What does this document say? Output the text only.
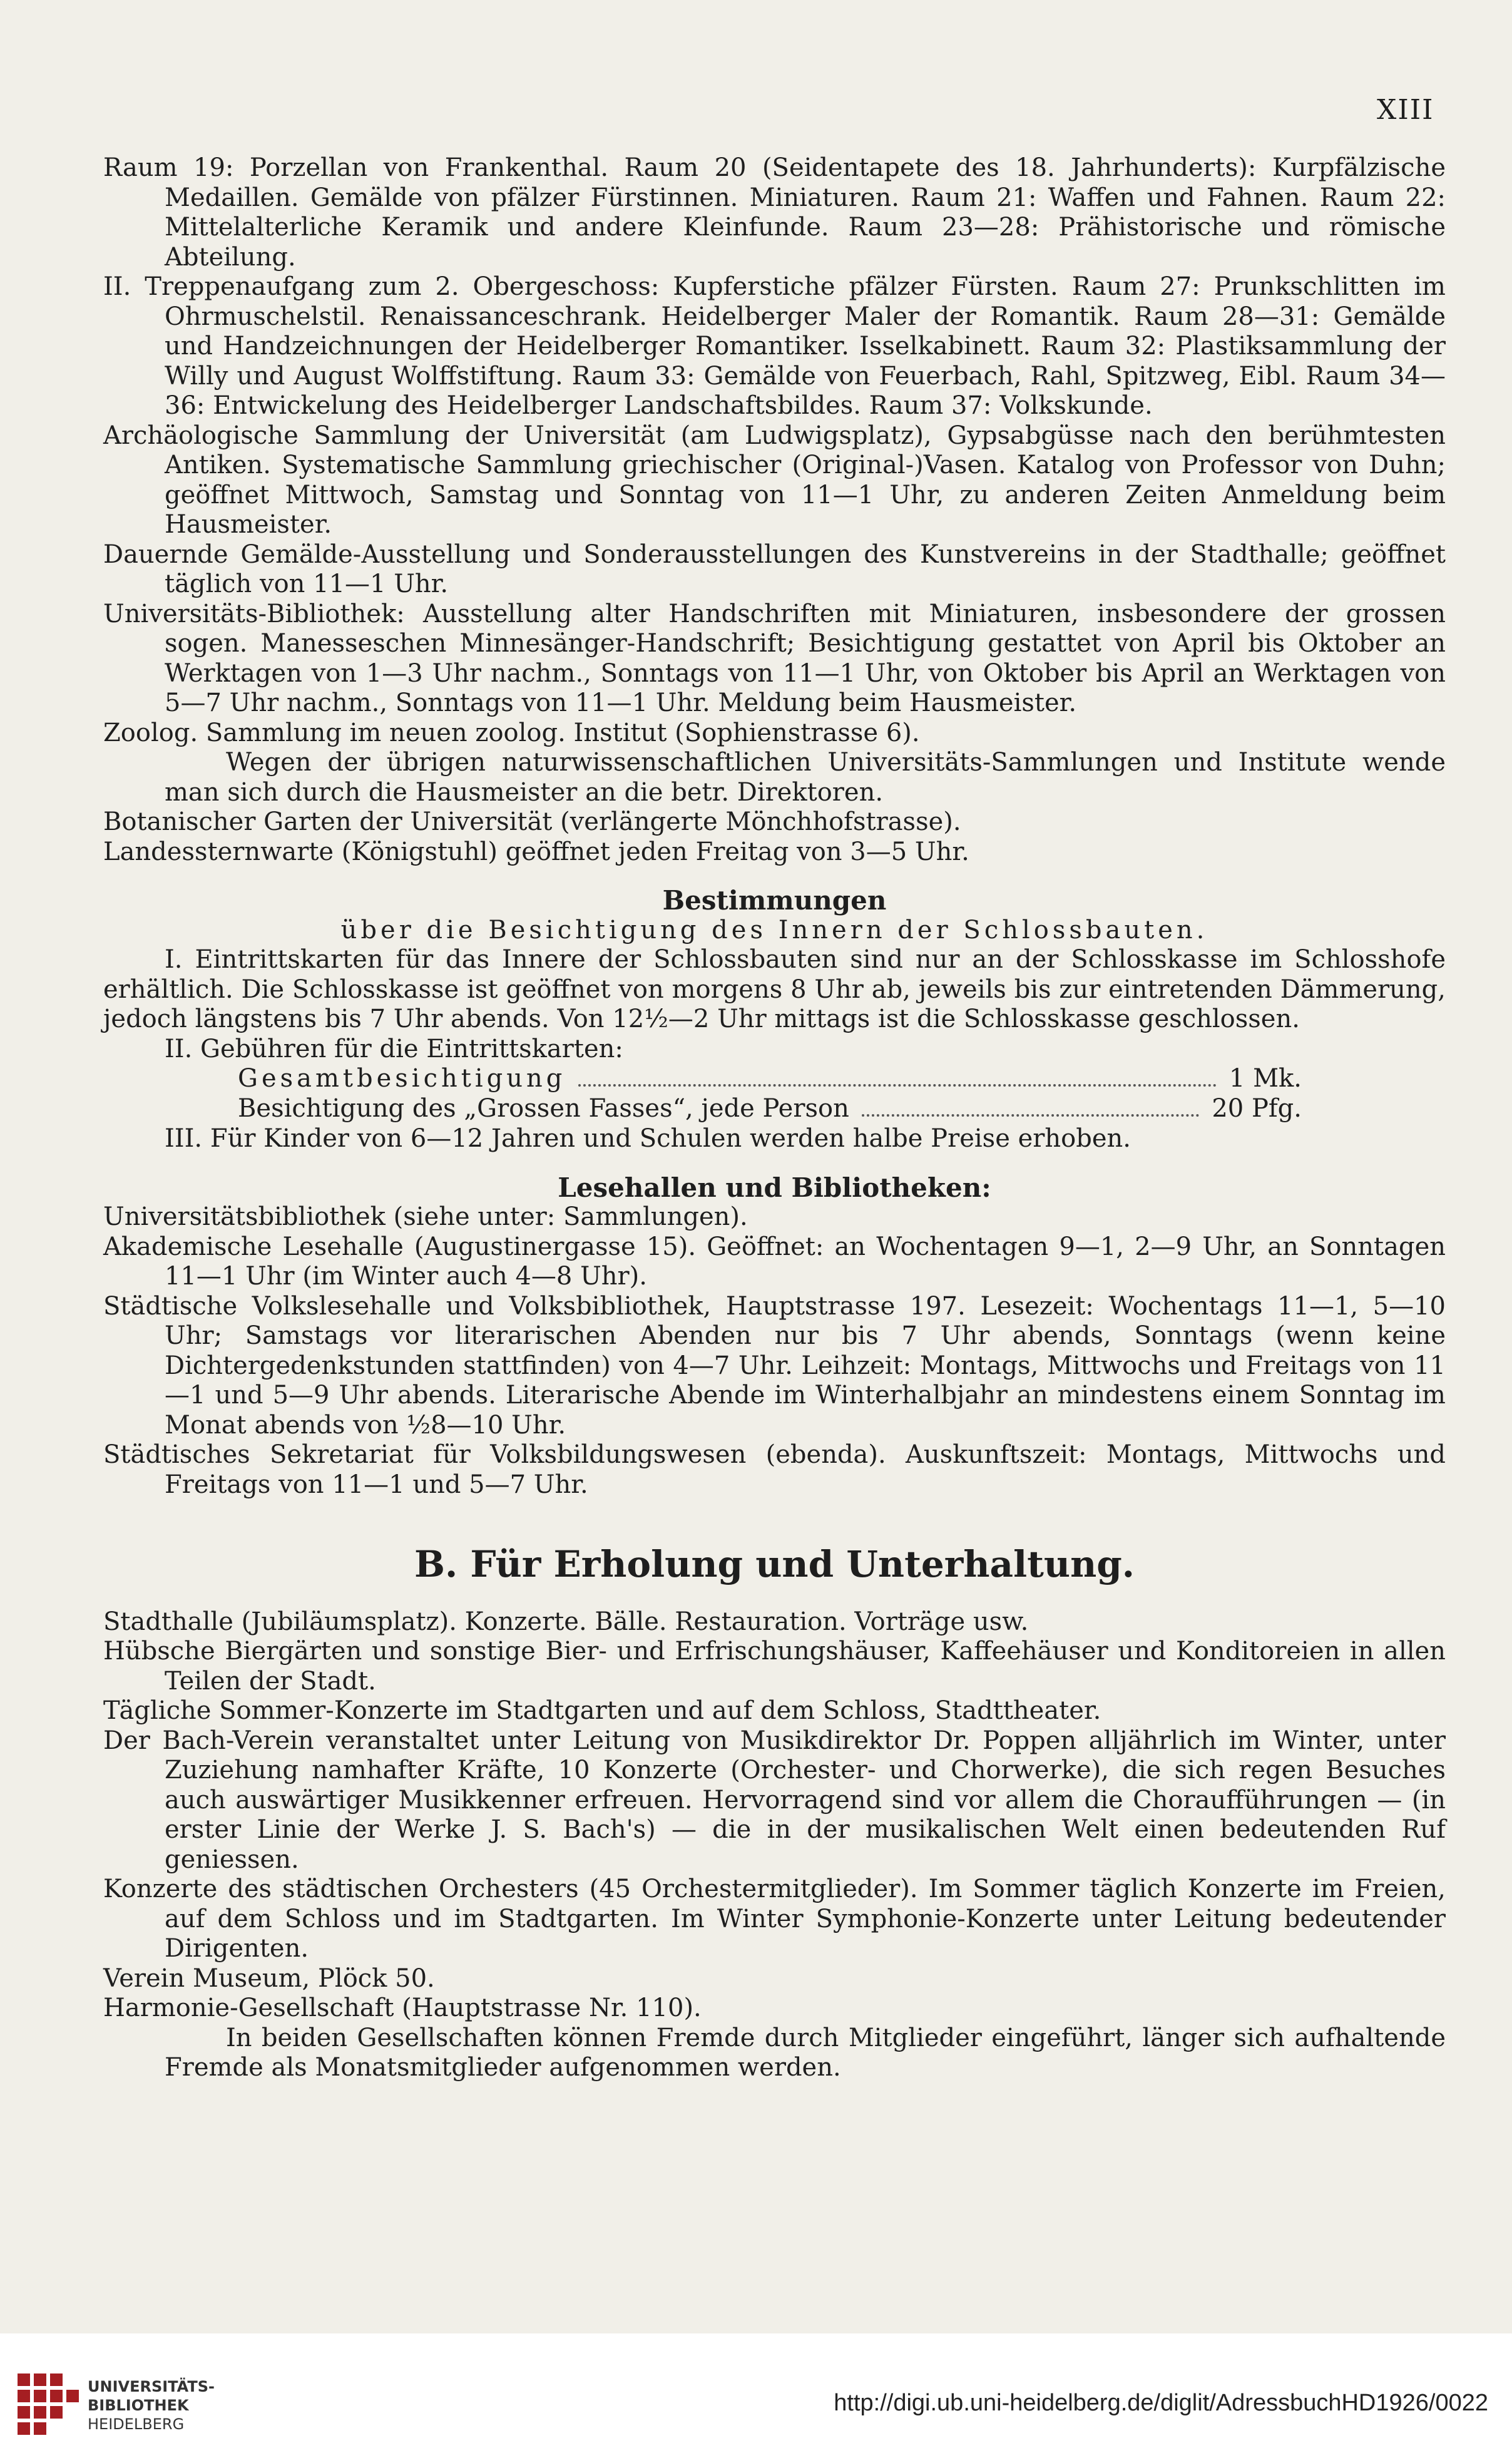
XIII

Raum 19: Porzellan von Frankenthal. Raum 20 (Seidentapete des 18. Jahrhunderts): Kurpfälzische Medaillen. Gemälde von pfälzer Fürstinnen. Miniaturen. Raum 21: Waffen und Fahnen. Raum 22: Mittelalterliche Keramik und andere Kleinfunde. Raum 23—28: Prähistorische und römische Abteilung.

II. Treppenaufgang zum 2. Obergeschoss: Kupferstiche pfälzer Fürsten. Raum 27: Prunkschlitten im Ohrmuschelstil. Renaissanceschrank. Heidelberger Maler der Romantik. Raum 28—31: Gemälde und Handzeichnungen der Heidelberger Romantiker. Isselkabinett. Raum 32: Plastiksammlung der Willy und August Wolffstiftung. Raum 33: Gemälde von Feuerbach, Rahl, Spitzweg, Eibl. Raum 34—36: Entwickelung des Heidelberger Landschaftsbildes. Raum 37: Volkskunde.

Archäologische Sammlung der Universität (am Ludwigsplatz), Gypsabgüsse nach den berühmtesten Antiken. Systematische Sammlung griechischer (Original-)Vasen. Katalog von Professor von Duhn; geöffnet Mittwoch, Samstag und Sonntag von 11—1 Uhr, zu anderen Zeiten Anmeldung beim Hausmeister.

Dauernde Gemälde-Ausstellung und Sonderausstellungen des Kunstvereins in der Stadthalle; geöffnet täglich von 11—1 Uhr.

Universitäts-Bibliothek: Ausstellung alter Handschriften mit Miniaturen, insbesondere der grossen sogen. Manesseschen Minnesänger-Handschrift; Besichtigung gestattet von April bis Oktober an Werktagen von 1—3 Uhr nachm., Sonntags von 11—1 Uhr, von Oktober bis April an Werktagen von 5—7 Uhr nachm., Sonntags von 11—1 Uhr. Meldung beim Hausmeister.

Zoolog. Sammlung im neuen zoolog. Institut (Sophienstrasse 6).

Wegen der übrigen naturwissenschaftlichen Universitäts-Sammlungen und Institute wende man sich durch die Hausmeister an die betr. Direktoren.

Botanischer Garten der Universität (verlängerte Mönchhofstrasse).

Landessternwarte (Königstuhl) geöffnet jeden Freitag von 3—5 Uhr.

Bestimmungen

über die Besichtigung des Innern der Schlossbauten.

I. Eintrittskarten für das Innere der Schlossbauten sind nur an der Schlosskasse im Schlosshofe erhältlich. Die Schlosskasse ist geöffnet von morgens 8 Uhr ab, jeweils bis zur eintretenden Dämmerung, jedoch längstens bis 7 Uhr abends. Von 12½—2 Uhr mittags ist die Schlosskasse geschlossen.

II. Gebühren für die Eintrittskarten:

Gesamtbesichtigung	1 Mk.
Besichtigung des „Grossen Fasses“, jede Person	20 Pfg.

III. Für Kinder von 6—12 Jahren und Schulen werden halbe Preise erhoben.

Lesehallen und Bibliotheken:

Universitätsbibliothek (siehe unter: Sammlungen).

Akademische Lesehalle (Augustinergasse 15). Geöffnet: an Wochentagen 9—1, 2—9 Uhr, an Sonntagen 11—1 Uhr (im Winter auch 4—8 Uhr).

Städtische Volkslesehalle und Volksbibliothek, Hauptstrasse 197. Lesezeit: Wochentags 11—1, 5—10 Uhr; Samstags vor literarischen Abenden nur bis 7 Uhr abends, Sonntags (wenn keine Dichtergedenkstunden stattfinden) von 4—7 Uhr. Leihzeit: Montags, Mittwochs und Freitags von 11—1 und 5—9 Uhr abends. Literarische Abende im Winterhalbjahr an mindestens einem Sonntag im Monat abends von ½8—10 Uhr.

Städtisches Sekretariat für Volksbildungswesen (ebenda). Auskunftszeit: Montags, Mittwochs und Freitags von 11—1 und 5—7 Uhr.

B. Für Erholung und Unterhaltung.

Stadthalle (Jubiläumsplatz). Konzerte. Bälle. Restauration. Vorträge usw.

Hübsche Biergärten und sonstige Bier- und Erfrischungshäuser, Kaffeehäuser und Konditoreien in allen Teilen der Stadt.

Tägliche Sommer-Konzerte im Stadtgarten und auf dem Schloss, Stadttheater.

Der Bach-Verein veranstaltet unter Leitung von Musikdirektor Dr. Poppen alljährlich im Winter, unter Zuziehung namhafter Kräfte, 10 Konzerte (Orchester- und Chorwerke), die sich regen Besuches auch auswärtiger Musikkenner erfreuen. Hervorragend sind vor allem die Choraufführungen — (in erster Linie der Werke J. S. Bach's) — die in der musikalischen Welt einen bedeutenden Ruf geniessen.

Konzerte des städtischen Orchesters (45 Orchestermitglieder). Im Sommer täglich Konzerte im Freien, auf dem Schloss und im Stadtgarten. Im Winter Symphonie-Konzerte unter Leitung bedeutender Dirigenten.

Verein Museum, Plöck 50.

Harmonie-Gesellschaft (Hauptstrasse Nr. 110).

In beiden Gesellschaften können Fremde durch Mitglieder eingeführt, länger sich aufhaltende Fremde als Monatsmitglieder aufgenommen werden.

UNIVERSITÄTS-
BIBLIOTHEK
HEIDELBERG
http://digi.ub.uni-heidelberg.de/diglit/AdressbuchHD1926/0022
